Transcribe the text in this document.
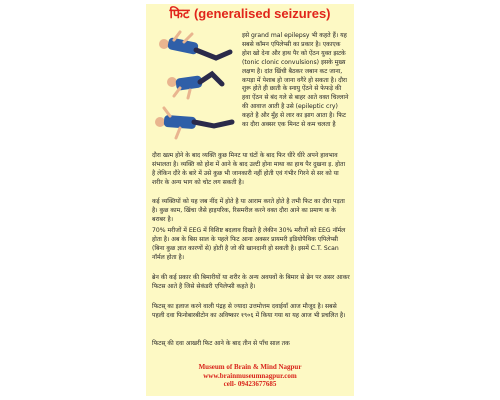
फिट (generalised seizures)
इसे grand mal epilepsy भी कहते हैं। यह सबसे कॉमन एपिलेप्सी का प्रकार है। एकाएक होश खो देना और हाथ पैर को ऐंठन युक्त झटके (tonic clonic convulsions) इसके मुख्य लक्षण है। दांत खिंची बैठकर जबान कट जाना, कपड़ा में पेशाब हो जाना वगैरे हो सकता है। दौरा शुरू होते ही छाती के स्नायु ऐंठने से फेफड़े की हवा ऐंठन से बंद गले से बाहर आते वक्त चिल्लाने की आवाज आती है उसे (epileptic cry) कहते है और मुँह से लार का झाग आता है। फिट का दौरा अक्सर एक मिनट से कम चलता है
दौरा खत्म होने के बाद व्यक्ति कुछ मिनट या घंटों के बाद फिर धीरे धीरे अपने हावभाव संभालता है। व्यक्ति को होश में आने के बाद उल्टी होना माथा का हाथ पैर दुखना इ. होता है लेकिन दौरे के बारे में उसे कुछ भी जानकारी नहीं होती एवं गंभीर गिरने से सर को या शरीर के अन्य भाग को चोट लग सकती है।
कई व्यक्तियों को यह जब नींद में होते है या आराम करते होते है तभी फिट का दौरा पड़ता है। कुछ काम, खिंचा जैसे हाइपरिक, रिसमरील करने वक्त दौरा आने का प्रमाण क के बराबर है।
70% मरीजों में EEG में विशिष्ट बदलाव दिखते है लेकीन 30% मरीजों को EEG नॉर्मल होता है। अब के बिस साल के पहले फिट आना अक्सर प्रायमरी इडियोपैथिक एपिलेप्सी (बिना कुछ ज्ञात कारणों से) होती है जो की खानदानी हो सकती है। इसमें C.T. Scan नॉर्मल होता है।
ब्रेन की कई प्रकार की बिमारीयों या शरीर के अन्य अवयवों के बिमार से ब्रेन पर असर आकर फिटस आते है जिसे सेकंडरी एपिलेप्सी कहते है।
फिटस् का इलाज करने वाली पंद्रह से ज्यादा उत्तमोत्तम दवाईयाँ आज मौजूद है। सबसे पहली दवा फिनोबारबीटोन का अविष्कार १९०६ में किया गया था यह आज भी प्रचलित है।
फिटस् की दवा आखरी फिट आने के बाद तीन से पाँच साल तक
Museum of Brain & Mind Nagpur
www.brainmuseumnagpur.com
cell- 09423677685
